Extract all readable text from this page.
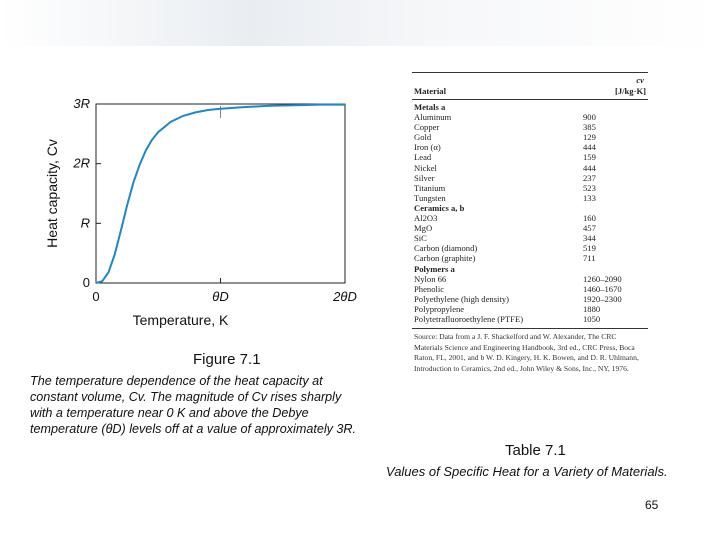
0
R
2R
3R
0	θD	2θD
Temperature, K
Heat capacity, Cv
Figure 7.1
The temperature dependence of the heat capacity at constant volume, Cv. The magnitude of Cv rises sharply with a temperature near 0 K and above the Debye temperature (θD) levels off at a value of approximately 3R.
Material
cv
[J/kg·K]
Metals a
Aluminum	900
Copper	385
Gold	129
Iron (α)	444
Lead	159
Nickel	444
Silver	237
Titanium	523
Tungsten	133
Ceramics a, b
Al2O3	160
MgO	457
SiC	344
Carbon (diamond)	519
Carbon (graphite)	711
Polymers a
Nylon 66	1260–2090
Phenolic	1460–1670
Polyethylene (high density)	1920–2300
Polypropylene	1880
Polytetrafluoroethylene (PTFE)	1050
Source: Data from a J. F. Shackelford and W. Alexander, The CRC Materials Science and Engineering Handbook, 3rd ed., CRC Press, Boca Raton, FL, 2001, and b W. D. Kingery, H. K. Bowen, and D. R. Uhlmann, Introduction to Ceramics, 2nd ed., John Wiley & Sons, Inc., NY, 1976.
Table 7.1
Values of Specific Heat for a Variety of Materials.
65
